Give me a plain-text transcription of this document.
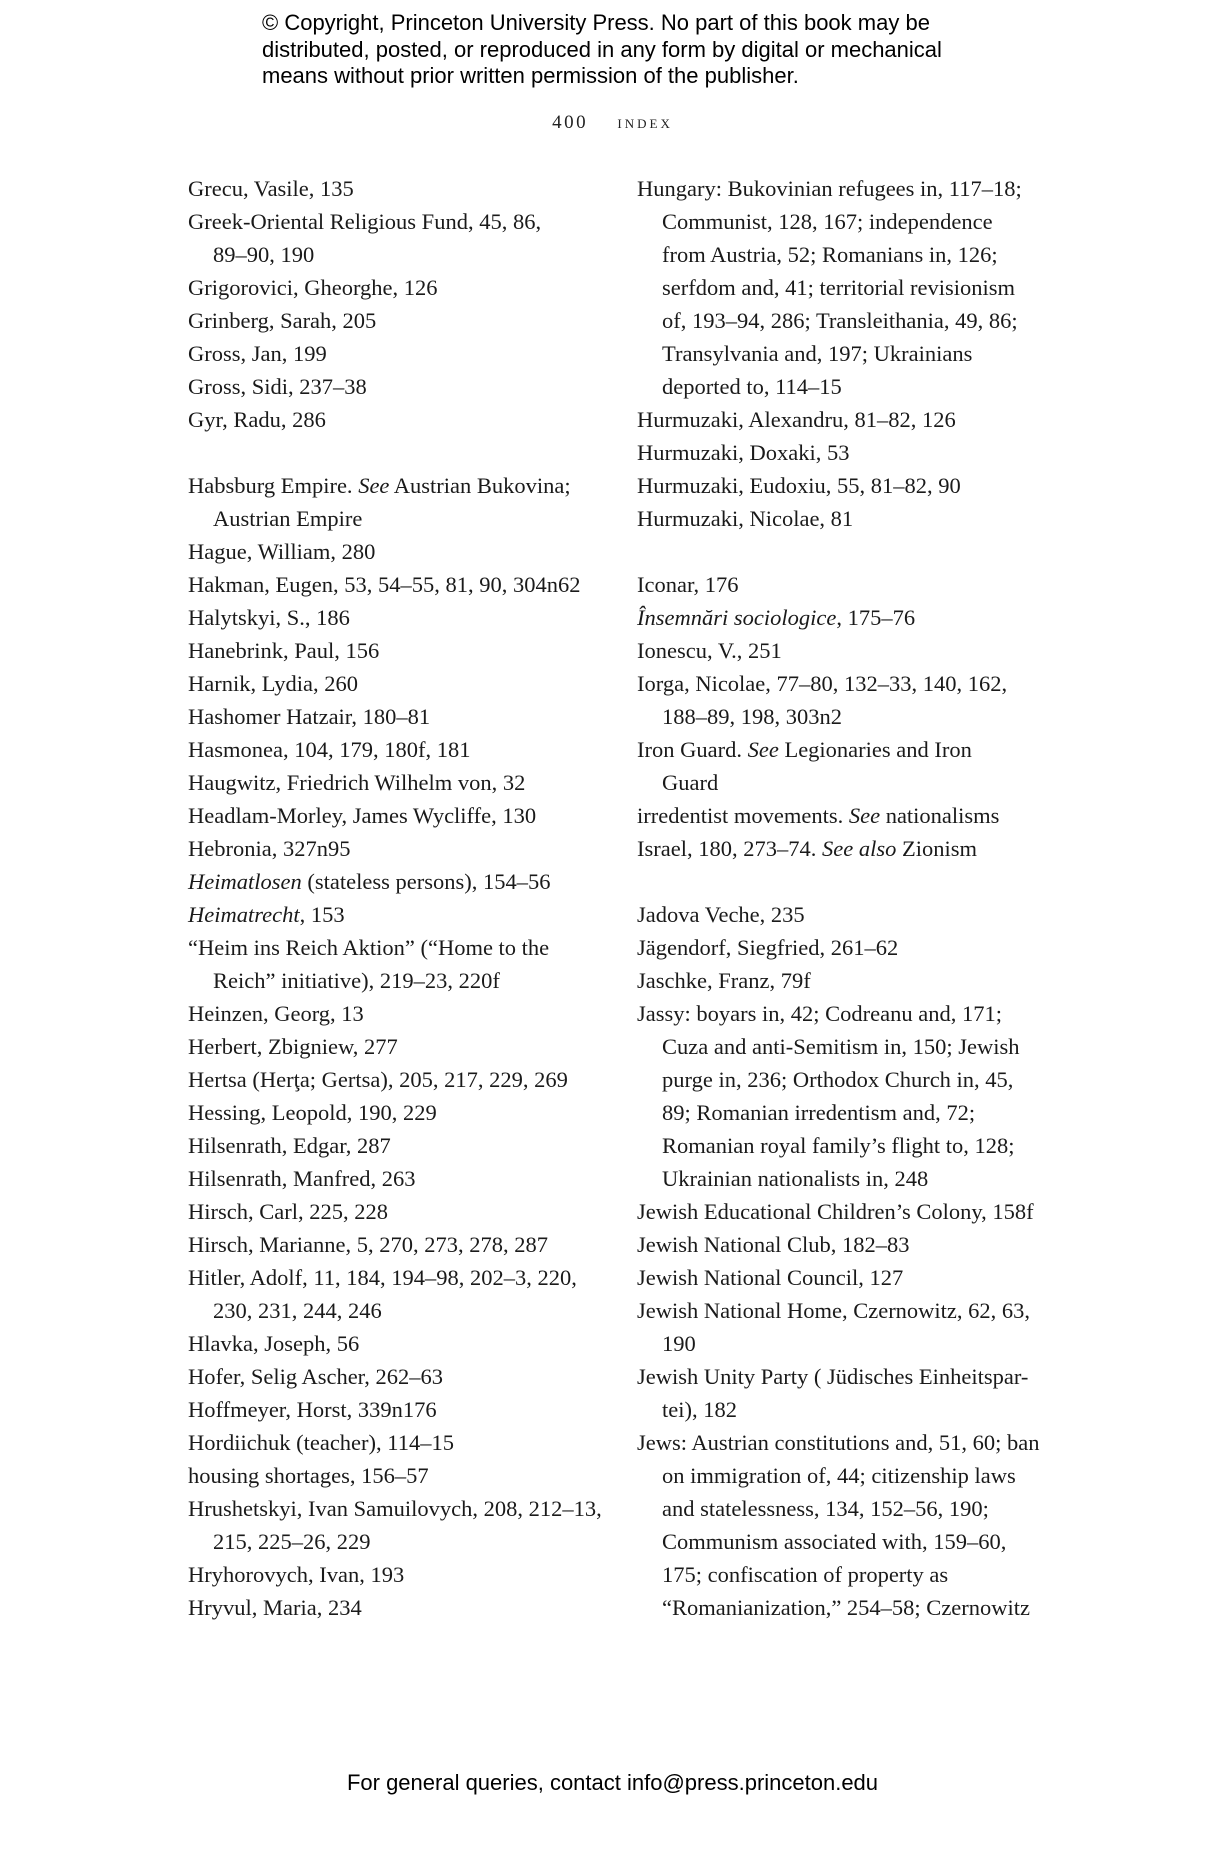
© Copyright, Princeton University Press. No part of this book may be
distributed, posted, or reproduced in any form by digital or mechanical
means without prior written permission of the publisher.
400 index
Grecu, Vasile, 135
Greek-Oriental Religious Fund, 45, 86,
89–90, 190
Grigorovici, Gheorghe, 126
Grinberg, Sarah, 205
Gross, Jan, 199
Gross, Sidi, 237–38
Gyr, Radu, 286
Habsburg Empire. See Austrian Bukovina;
Austrian Empire
Hague, William, 280
Hakman, Eugen, 53, 54–55, 81, 90, 304n62
Halytskyi, S., 186
Hanebrink, Paul, 156
Harnik, Lydia, 260
Hashomer Hatzair, 180–81
Hasmonea, 104, 179, 180f, 181
Haugwitz, Friedrich Wilhelm von, 32
Headlam-Morley, James Wycliffe, 130
Hebronia, 327n95
Heimatlosen (stateless persons), 154–56
Heimatrecht, 153
“Heim ins Reich Aktion” (“Home to the
Reich” initiative), 219–23, 220f
Heinzen, Georg, 13
Herbert, Zbigniew, 277
Hertsa (Herţa; Gertsa), 205, 217, 229, 269
Hessing, Leopold, 190, 229
Hilsenrath, Edgar, 287
Hilsenrath, Manfred, 263
Hirsch, Carl, 225, 228
Hirsch, Marianne, 5, 270, 273, 278, 287
Hitler, Adolf, 11, 184, 194–98, 202–3, 220,
230, 231, 244, 246
Hlavka, Joseph, 56
Hofer, Selig Ascher, 262–63
Hoffmeyer, Horst, 339n176
Hordiichuk (teacher), 114–15
housing shortages, 156–57
Hrushetskyi, Ivan Samuilovych, 208, 212–13,
215, 225–26, 229
Hryhorovych, Ivan, 193
Hryvul, Maria, 234
Hungary: Bukovinian refugees in, 117–18;
Communist, 128, 167; independence
from Austria, 52; Romanians in, 126;
serfdom and, 41; territorial revisionism
of, 193–94, 286; Transleithania, 49, 86;
Transylvania and, 197; Ukrainians
deported to, 114–15
Hurmuzaki, Alexandru, 81–82, 126
Hurmuzaki, Doxaki, 53
Hurmuzaki, Eudoxiu, 55, 81–82, 90
Hurmuzaki, Nicolae, 81
Iconar, 176
Însemnări sociologice, 175–76
Ionescu, V., 251
Iorga, Nicolae, 77–80, 132–33, 140, 162,
188–89, 198, 303n2
Iron Guard. See Legionaries and Iron
Guard
irredentist movements. See nationalisms
Israel, 180, 273–74. See also Zionism
Jadova Veche, 235
Jägendorf, Siegfried, 261–62
Jaschke, Franz, 79f
Jassy: boyars in, 42; Codreanu and, 171;
Cuza and anti-Semitism in, 150; Jewish
purge in, 236; Orthodox Church in, 45,
89; Romanian irredentism and, 72;
Romanian royal family’s flight to, 128;
Ukrainian nationalists in, 248
Jewish Educational Children’s Colony, 158f
Jewish National Club, 182–83
Jewish National Council, 127
Jewish National Home, Czernowitz, 62, 63,
190
Jewish Unity Party ( Jüdisches Einheitspar-
tei), 182
Jews: Austrian constitutions and, 51, 60; ban
on immigration of, 44; citizenship laws
and statelessness, 134, 152–56, 190;
Communism associated with, 159–60,
175; confiscation of property as
“Romanianization,” 254–58; Czernowitz
For general queries, contact info@press.princeton.edu
